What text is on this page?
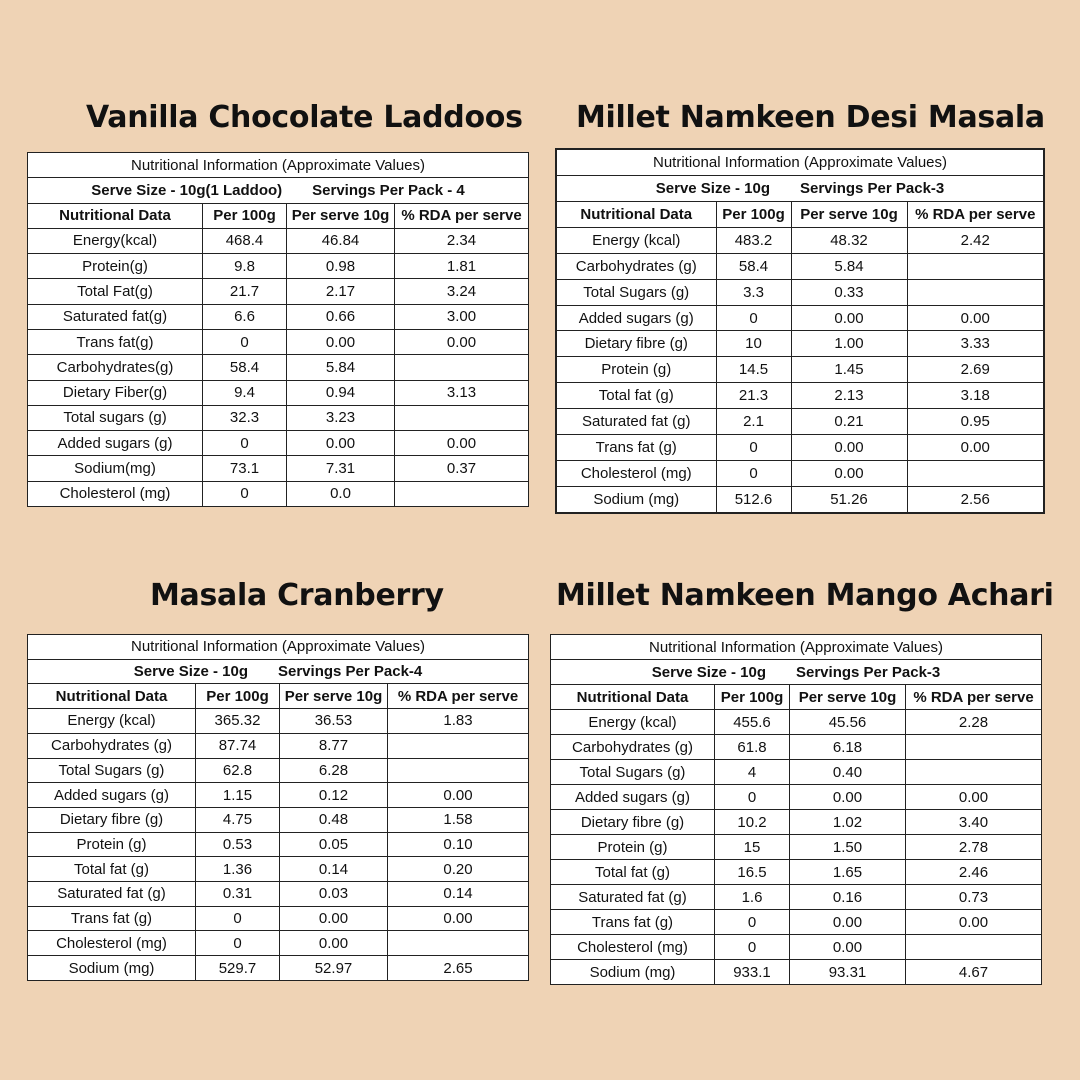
Vanilla Chocolate Laddoos
Nutritional Information (Approximate Values)			

Serve Size - 10g(1 Laddoo) Servings Per Pack - 4			

Nutritional Data	Per 100g	Per serve 10g	% RDA per serve
Energy(kcal)	468.4	46.84	2.34
Protein(g)	9.8	0.98	1.81
Total Fat(g)	21.7	2.17	3.24
Saturated fat(g)	6.6	0.66	3.00
Trans fat(g)	0	0.00	0.00
Carbohydrates(g)	58.4	5.84	
Dietary Fiber(g)	9.4	0.94	3.13
Total sugars (g)	32.3	3.23	
Added sugars (g)	0	0.00	0.00
Sodium(mg)	73.1	7.31	0.37
Cholesterol (mg)	0	0.0	
Millet Namkeen Desi Masala
Nutritional Information (Approximate Values)			

Serve Size - 10g Servings Per Pack-3			

Nutritional Data	Per 100g	Per serve 10g	% RDA per serve
Energy (kcal)	483.2	48.32	2.42
Carbohydrates (g)	58.4	5.84	
Total Sugars (g)	3.3	0.33	
Added sugars (g)	0	0.00	0.00
Dietary fibre (g)	10	1.00	3.33
Protein (g)	14.5	1.45	2.69
Total fat (g)	21.3	2.13	3.18
Saturated fat (g)	2.1	0.21	0.95
Trans fat (g)	0	0.00	0.00
Cholesterol (mg)	0	0.00	
Sodium (mg)	512.6	51.26	2.56
Masala Cranberry
Nutritional Information (Approximate Values)			

Serve Size - 10g Servings Per Pack-4			

Nutritional Data	Per 100g	Per serve 10g	% RDA per serve
Energy (kcal)	365.32	36.53	1.83
Carbohydrates (g)	87.74	8.77	
Total Sugars (g)	62.8	6.28	
Added sugars (g)	1.15	0.12	0.00
Dietary fibre (g)	4.75	0.48	1.58
Protein (g)	0.53	0.05	0.10
Total fat (g)	1.36	0.14	0.20
Saturated fat (g)	0.31	0.03	0.14
Trans fat (g)	0	0.00	0.00
Cholesterol (mg)	0	0.00	
Sodium (mg)	529.7	52.97	2.65
Millet Namkeen Mango Achari
Nutritional Information (Approximate Values)			

Serve Size - 10g Servings Per Pack-3			

Nutritional Data	Per 100g	Per serve 10g	% RDA per serve
Energy (kcal)	455.6	45.56	2.28
Carbohydrates (g)	61.8	6.18	
Total Sugars (g)	4	0.40	
Added sugars (g)	0	0.00	0.00
Dietary fibre (g)	10.2	1.02	3.40
Protein (g)	15	1.50	2.78
Total fat (g)	16.5	1.65	2.46
Saturated fat (g)	1.6	0.16	0.73
Trans fat (g)	0	0.00	0.00
Cholesterol (mg)	0	0.00	
Sodium (mg)	933.1	93.31	4.67
